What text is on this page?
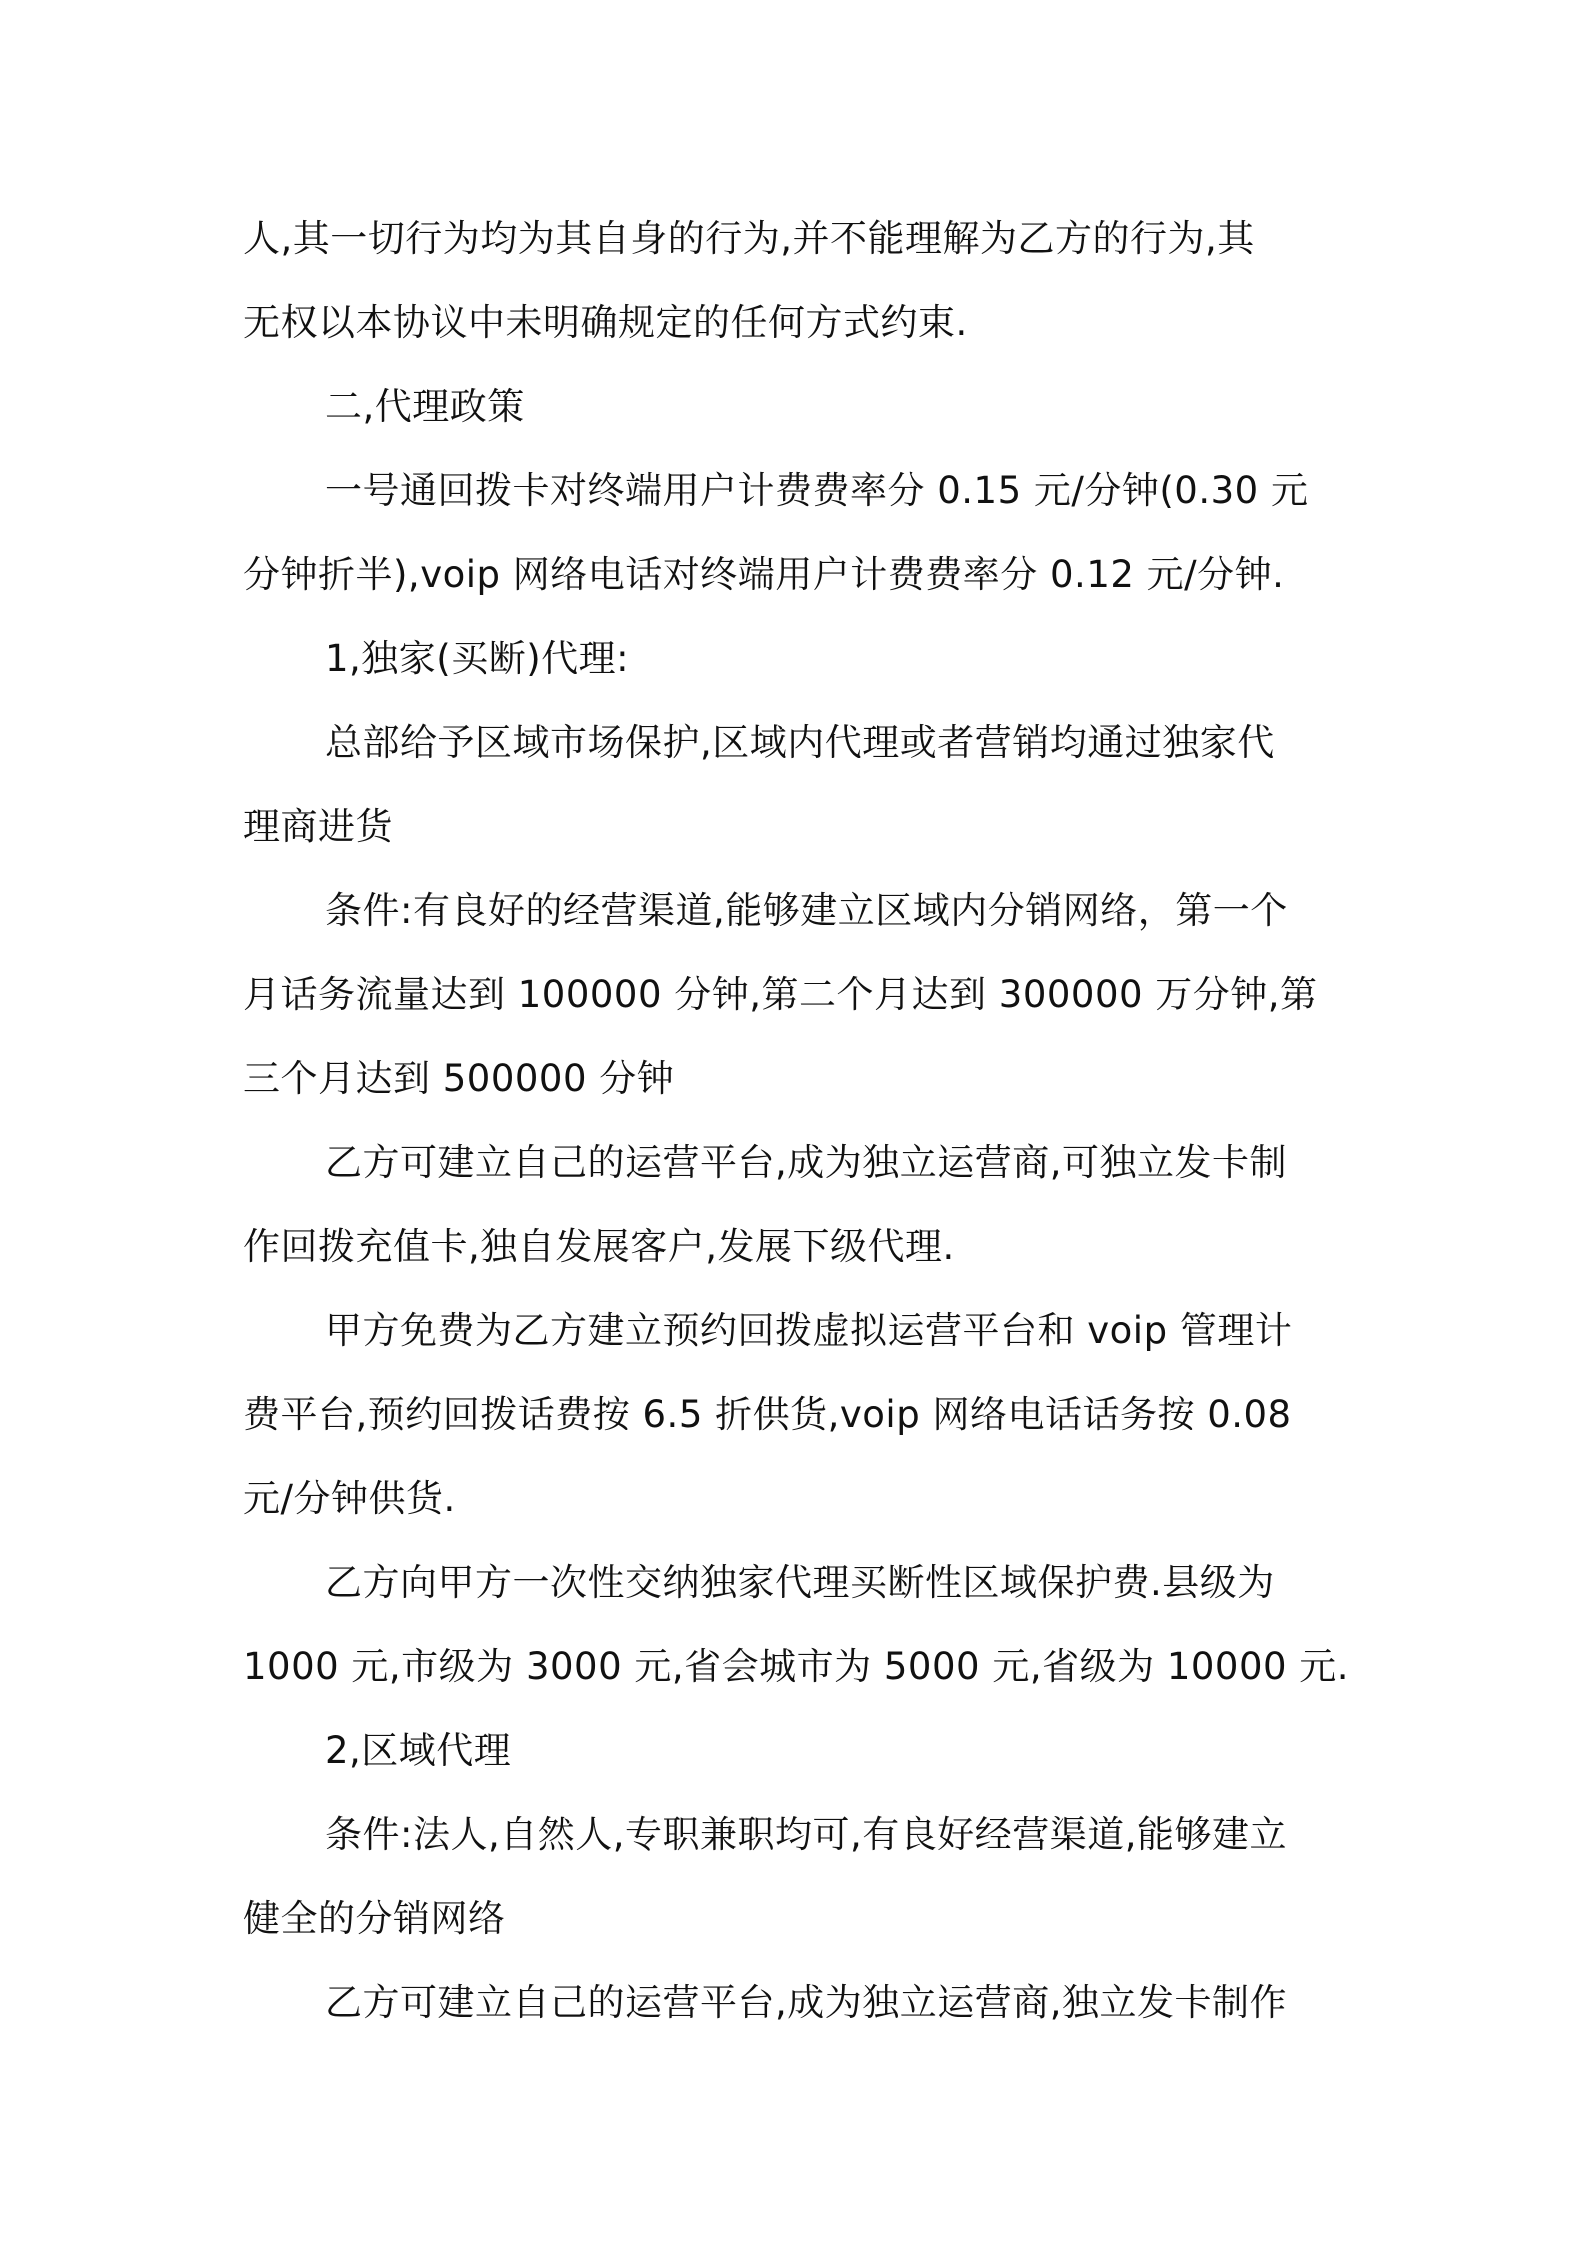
人,其一切行为均为其自身的行为,并不能理解为乙方的行为,其
无权以本协议中未明确规定的任何方式约束.
二,代理政策
一号通回拨卡对终端用户计费费率分 0.15 元/分钟(0.30 元
分钟折半),voip 网络电话对终端用户计费费率分 0.12 元/分钟.
1,独家(买断)代理:
总部给予区域市场保护,区域内代理或者营销均通过独家代
理商进货
条件:有良好的经营渠道,能够建立区域内分销网络，第一个
月话务流量达到 100000 分钟,第二个月达到 300000 万分钟,第
三个月达到 500000 分钟
乙方可建立自己的运营平台,成为独立运营商,可独立发卡制
作回拨充值卡,独自发展客户,发展下级代理.
甲方免费为乙方建立预约回拨虚拟运营平台和 voip 管理计
费平台,预约回拨话费按 6.5 折供货,voip 网络电话话务按 0.08
元/分钟供货.
乙方向甲方一次性交纳独家代理买断性区域保护费.县级为
1000 元,市级为 3000 元,省会城市为 5000 元,省级为 10000 元.
2,区域代理
条件:法人,自然人,专职兼职均可,有良好经营渠道,能够建立
健全的分销网络
乙方可建立自己的运营平台,成为独立运营商,独立发卡制作
